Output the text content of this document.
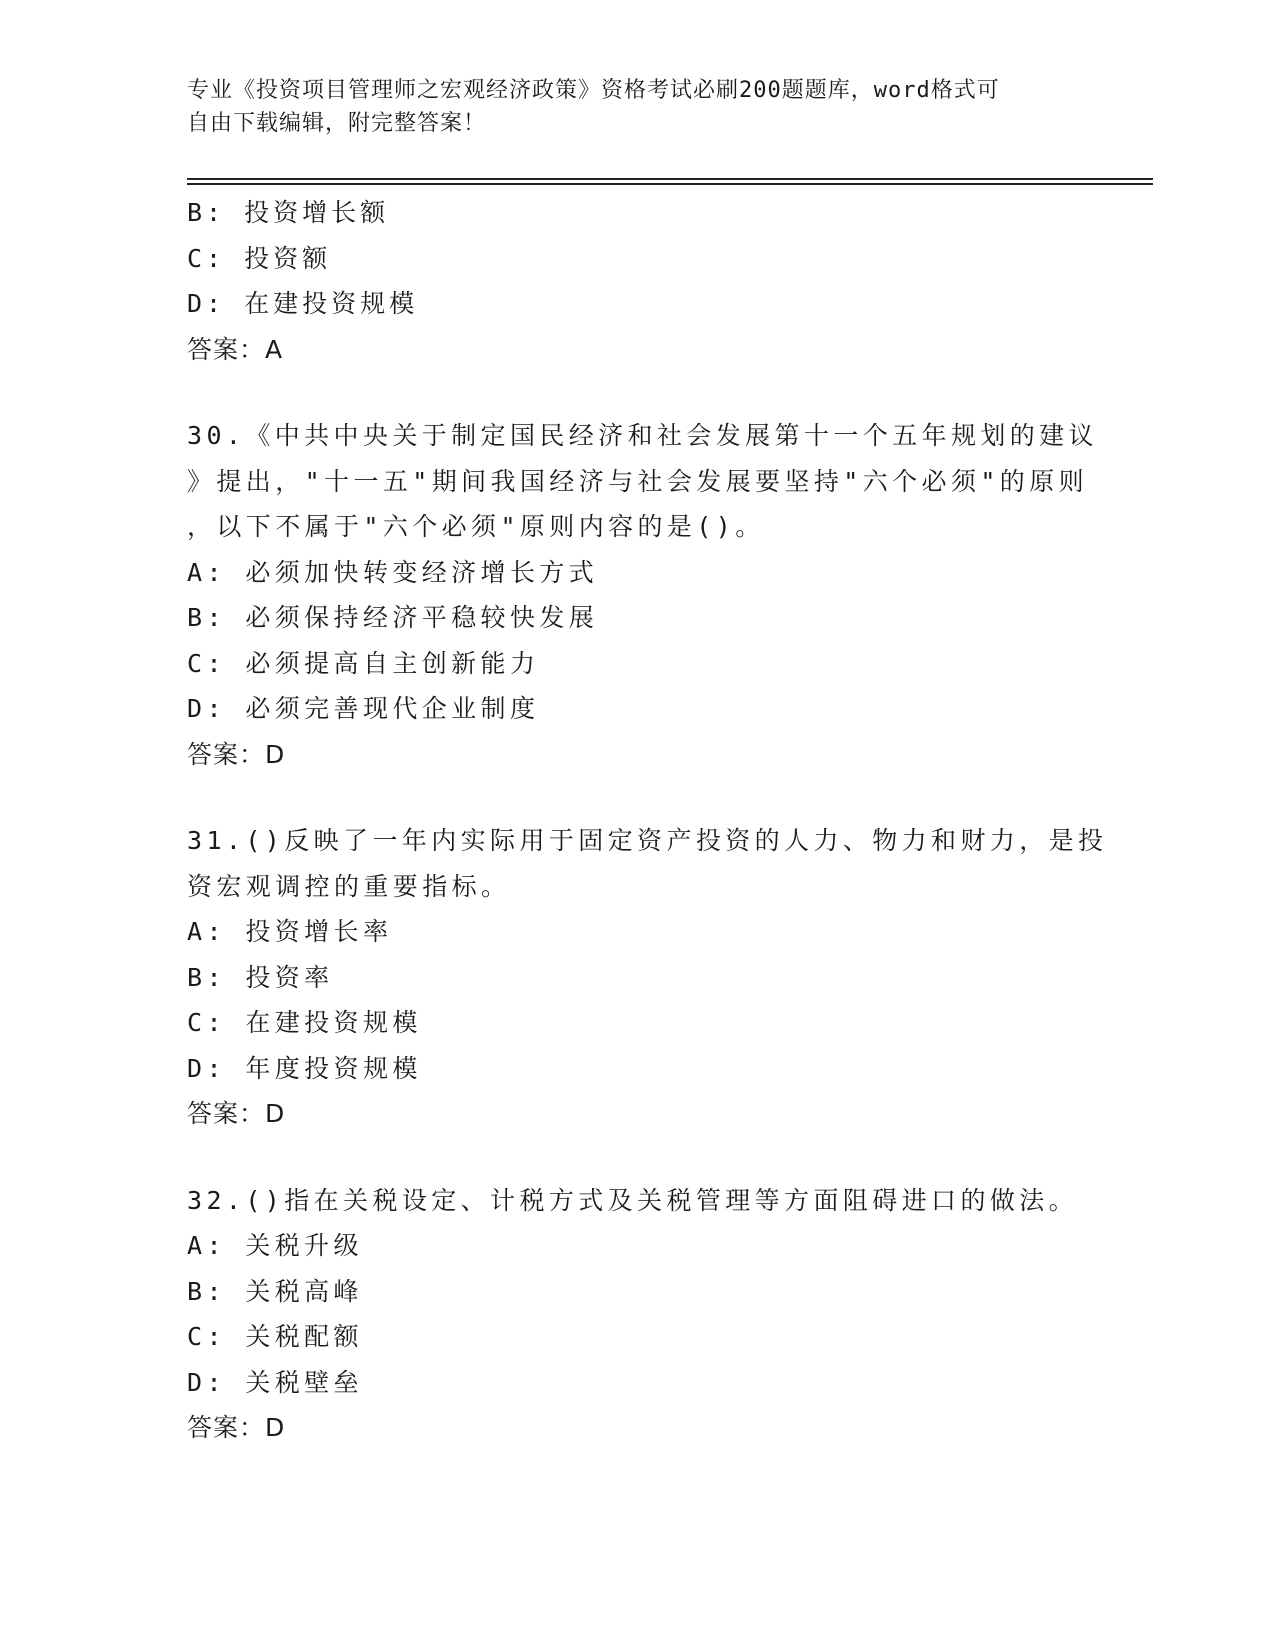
专业《投资项目管理师之宏观经济政策》资格考试必刷200题题库，word格式可
自由下载编辑，附完整答案！
B: 投资增长额
C: 投资额
D: 在建投资规模
答案：A
30.《中共中央关于制定国民经济和社会发展第十一个五年规划的建议
》提出，"十一五"期间我国经济与社会发展要坚持"六个必须"的原则
，以下不属于"六个必须"原则内容的是()。
A: 必须加快转变经济增长方式
B: 必须保持经济平稳较快发展
C: 必须提高自主创新能力
D: 必须完善现代企业制度
答案：D
31.()反映了一年内实际用于固定资产投资的人力、物力和财力，是投
资宏观调控的重要指标。
A: 投资增长率
B: 投资率
C: 在建投资规模
D: 年度投资规模
答案：D
32.()指在关税设定、计税方式及关税管理等方面阻碍进口的做法。
A: 关税升级
B: 关税高峰
C: 关税配额
D: 关税壁垒
答案：D
